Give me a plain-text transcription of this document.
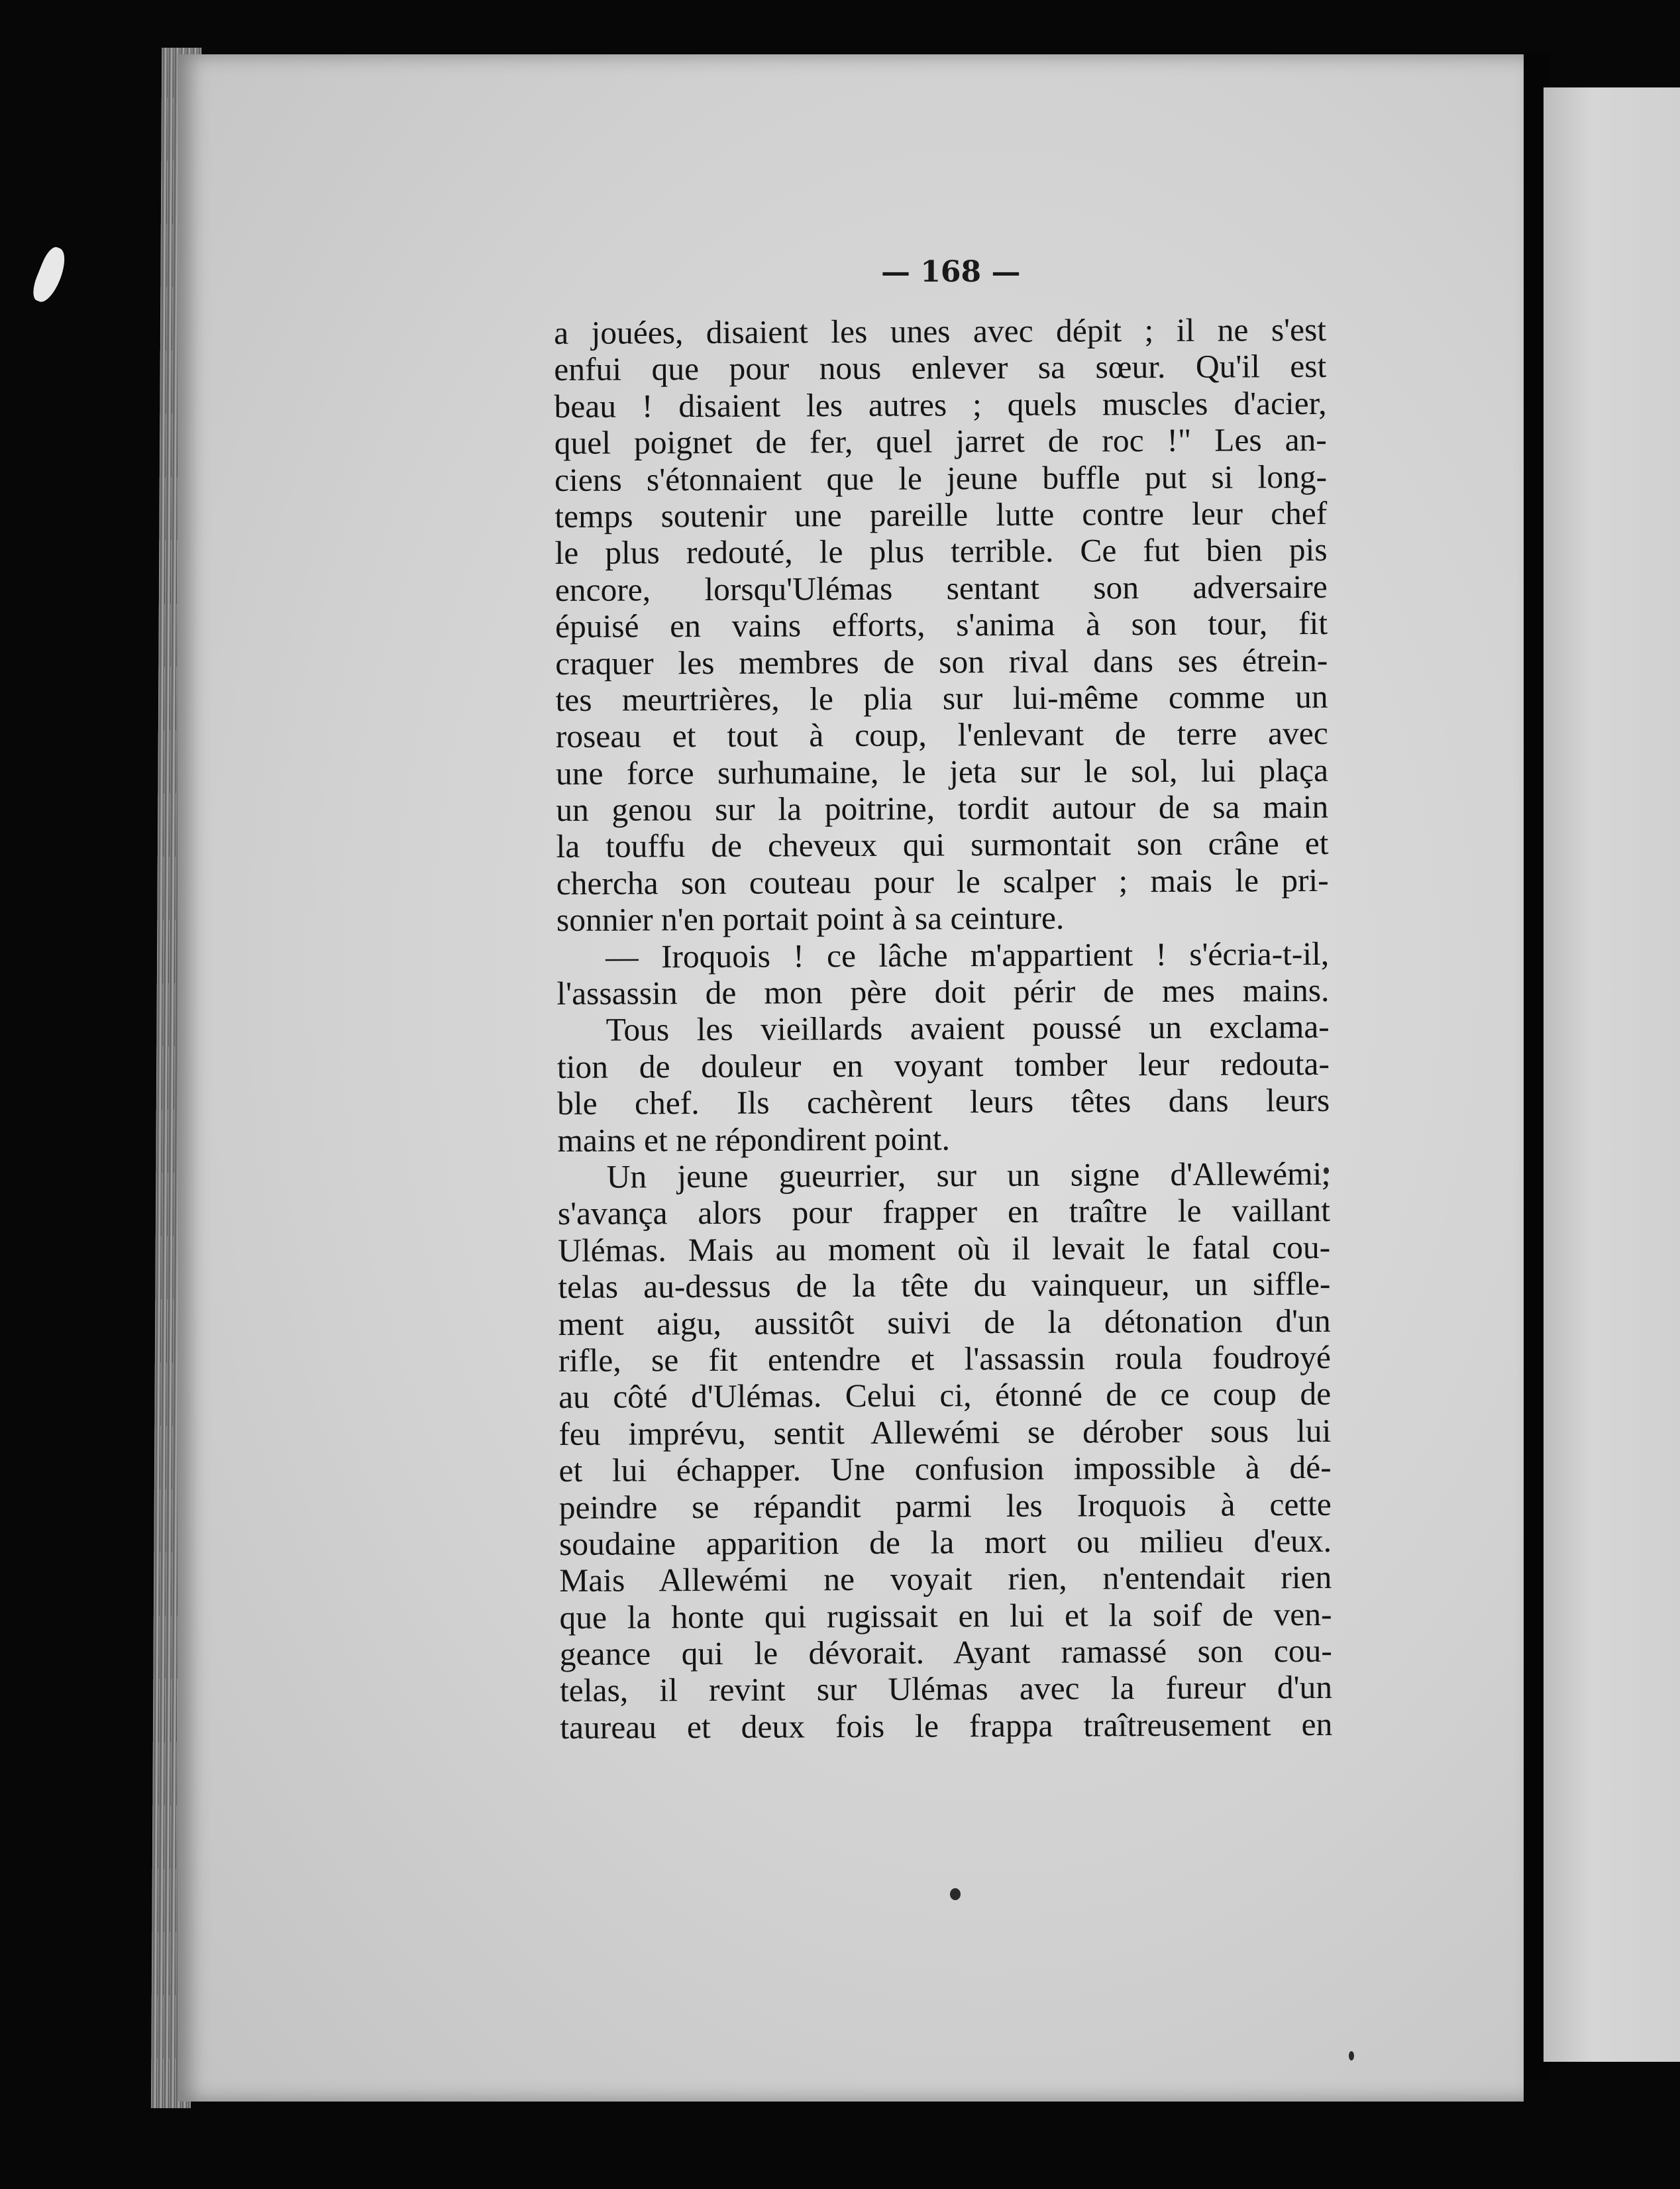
— 168 —
a jouées, disaient les unes avec dépit ; il ne s'est
enfui que pour nous enlever sa sœur. Qu'il est
beau ! disaient les autres ; quels muscles d'acier,
quel poignet de fer, quel jarret de roc !" Les an-
ciens s'étonnaient que le jeune buffle put si long-
temps soutenir une pareille lutte contre leur chef
le plus redouté, le plus terrible. Ce fut bien pis
encore, lorsqu'Ulémas sentant son adversaire
épuisé en vains efforts, s'anima à son tour, fit
craquer les membres de son rival dans ses étrein-
tes meurtrières, le plia sur lui-même comme un
roseau et tout à coup, l'enlevant de terre avec
une force surhumaine, le jeta sur le sol, lui plaça
un genou sur la poitrine, tordit autour de sa main
la touffu de cheveux qui surmontait son crâne et
chercha son couteau pour le scalper ; mais le pri-
sonnier n'en portait point à sa ceinture.
— Iroquois ! ce lâche m'appartient ! s'écria-t-il,
l'assassin de mon père doit périr de mes mains.
Tous les vieillards avaient poussé un exclama-
tion de douleur en voyant tomber leur redouta-
ble chef. Ils cachèrent leurs têtes dans leurs
mains et ne répondirent point.
Un jeune gueurrier, sur un signe d'Allewémi,
s'avança alors pour frapper en traître le vaillant
Ulémas. Mais au moment où il levait le fatal cou-
telas au-dessus de la tête du vainqueur, un siffle-
ment aigu, aussitôt suivi de la détonation d'un
rifle, se fit entendre et l'assassin roula foudroyé
au côté d'Ulémas. Celui ci, étonné de ce coup de
feu imprévu, sentit Allewémi se dérober sous lui
et lui échapper. Une confusion impossible à dé-
peindre se répandit parmi les Iroquois à cette
soudaine apparition de la mort ou milieu d'eux.
Mais Allewémi ne voyait rien, n'entendait rien
que la honte qui rugissait en lui et la soif de ven-
geance qui le dévorait. Ayant ramassé son cou-
telas, il revint sur Ulémas avec la fureur d'un
taureau et deux fois le frappa traîtreusement en
